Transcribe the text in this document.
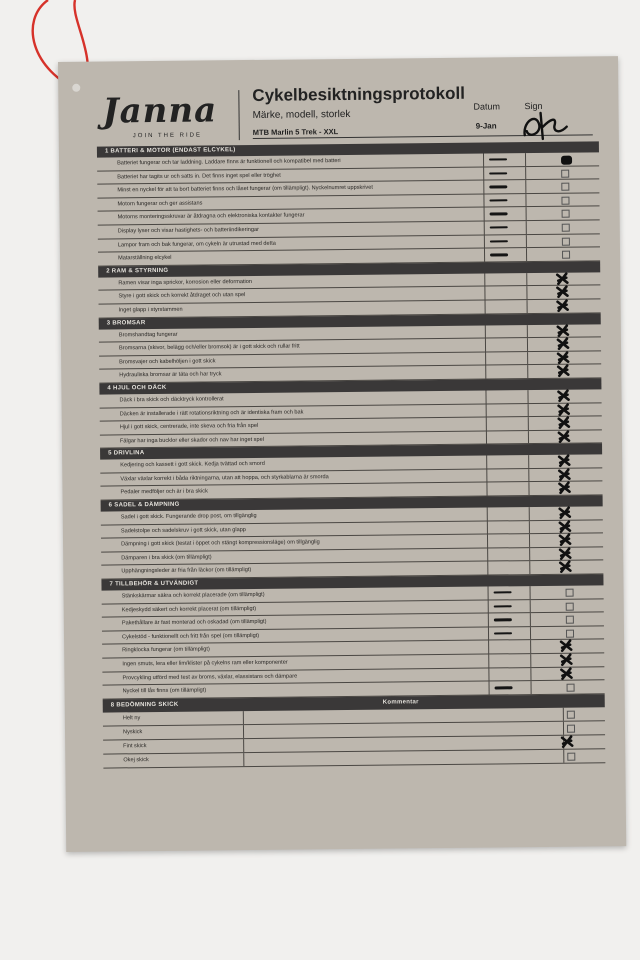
Janna
JOIN THE RIDE
Cykelbesiktningsprotokoll
Märke, modell, storlek
MTB Marlin 5 Trek - XXL
Datum	Sign
9-Jan
1 BATTERI & MOTOR (ENDAST ELCYKEL)
Batteriet fungerar och tar laddning. Laddare finns är funktionell och kompatibel med batteri
Batteriet har tagits ur och satts in. Det finns inget spel eller tröghet
Minst en nyckel för att ta bort batteriet finns och låset fungerar (om tillämpligt). Nyckelnumret uppskrivet
Motorn fungerar och ger assistans
Motorns monteringsskruvar är åtdragna och elektroniska kontakter fungerar
Display lyser och visar hastighets- och batteriindikeringar
Lampor fram och bak fungerar, om cykeln är utrustad med detta
Matarställning elcykel
2 RAM & STYRNING
Ramen visar inga sprickor, korrosion eller deformation
Styre i gott skick och korrekt åtdraget och utan spel
Inget glapp i styrstammen
3 BROMSAR
Bromshandtag fungerar
Bromsarna (skivor, belägg och/eller bromsok) är i gott skick och rullar fritt
Bromsvajer och kabelhöljen i gott skick
Hydrauliska bromsar är täta och har tryck
4 HJUL OCH DÄCK
Däck i bra skick och däcktryck kontrollerat
Däcken är installerade i rätt rotationsriktning och är identiska fram och bak
Hjul i gott skick, centrerade, inte skeva och fria från spel
Fälgar har inga bucklor eller skador och nav har inget spel
5 DRIVLINA
Kedjering och kassett i gott skick. Kedja tvättad och smord
Växlar växlar korrekt i båda riktningarna, utan att hoppa, och styrkablarna är smorda
Pedaler medföljer och är i bra skick
6 SADEL & DÄMPNING
Sadel i gott skick. Fungerande drop post, om tillgänglig
Sadelstolpe och sadelskruv i gott skick, utan glapp
Dämpning i gott skick (testat i öppet och stängt kompressionsläge) om tillgänglig
Dämparen i bra skick (om tillämpligt)
Upphängningsleder är fria från läckor (om tillämpligt)
7 TILLBEHÖR & UTVÄNDIGT
Stänkskärmar säkra och korrekt placerade (om tillämpligt)
Kedjeskydd säkert och korrekt placerat (om tillämpligt)
Pakethållare är fast monterad och oskadad (om tillämpligt)
Cykelstöd - funktionellt och fritt från spel (om tillämpligt)
Ringklocka fungerar (om tillämpligt)
Ingen smuts, lera eller lim/klister på cykelns ram eller komponenter
Provcykling utförd med test av broms, växlar, elassistans och dämpare
Nyckel till lås finns (om tillämpligt)
8 BEDÖMNING SKICK	Kommentar
Helt ny
Nyskick
Fint skick
Okej skick
